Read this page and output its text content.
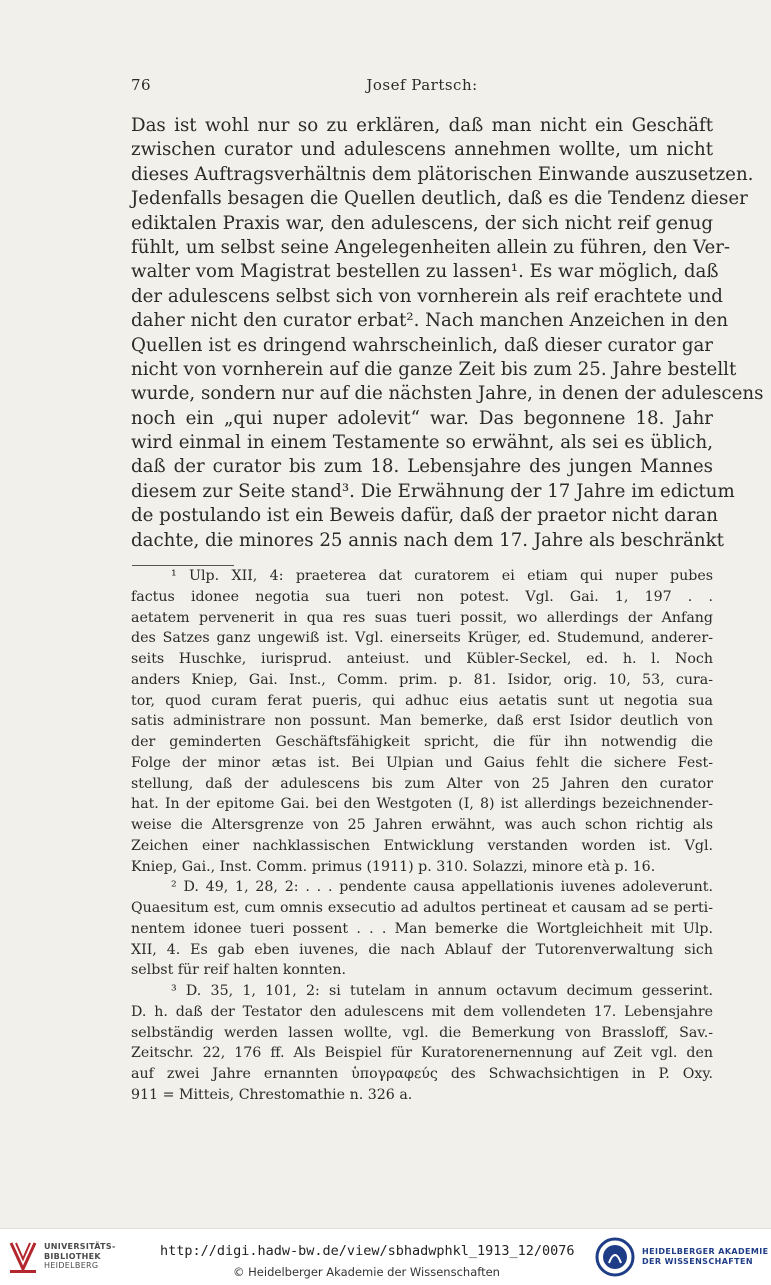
76	Josef Partsch:
Das ist wohl nur so zu erklären, daß man nicht ein Geschäft
zwischen curator und adulescens annehmen wollte, um nicht
dieses Auftragsverhältnis dem plätorischen Einwande auszusetzen.
Jedenfalls besagen die Quellen deutlich, daß es die Tendenz dieser
ediktalen Praxis war, den adulescens, der sich nicht reif genug
fühlt, um selbst seine Angelegenheiten allein zu führen, den Ver-
walter vom Magistrat bestellen zu lassen¹. Es war möglich, daß
der adulescens selbst sich von vornherein als reif erachtete und
daher nicht den curator erbat². Nach manchen Anzeichen in den
Quellen ist es dringend wahrscheinlich, daß dieser curator gar
nicht von vornherein auf die ganze Zeit bis zum 25. Jahre bestellt
wurde, sondern nur auf die nächsten Jahre, in denen der adulescens
noch ein „qui nuper adolevit“ war. Das begonnene 18. Jahr
wird einmal in einem Testamente so erwähnt, als sei es üblich,
daß der curator bis zum 18. Lebensjahre des jungen Mannes
diesem zur Seite stand³. Die Erwähnung der 17 Jahre im edictum
de postulando ist ein Beweis dafür, daß der praetor nicht daran
dachte, die minores 25 annis nach dem 17. Jahre als beschränkt
¹ Ulp. XII, 4: praeterea dat curatorem ei etiam qui nuper pubes
factus idonee negotia sua tueri non potest. Vgl. Gai. 1, 197 . .
aetatem pervenerit in qua res suas tueri possit, wo allerdings der Anfang
des Satzes ganz ungewiß ist. Vgl. einerseits Krüger, ed. Studemund, anderer-
seits Huschke, iurisprud. anteiust. und Kübler-Seckel, ed. h. l. Noch
anders Kniep, Gai. Inst., Comm. prim. p. 81. Isidor, orig. 10, 53, cura-
tor, quod curam ferat pueris, qui adhuc eius aetatis sunt ut negotia sua
satis administrare non possunt. Man bemerke, daß erst Isidor deutlich von
der geminderten Geschäftsfähigkeit spricht, die für ihn notwendig die
Folge der minor ætas ist. Bei Ulpian und Gaius fehlt die sichere Fest-
stellung, daß der adulescens bis zum Alter von 25 Jahren den curator
hat. In der epitome Gai. bei den Westgoten (I, 8) ist allerdings bezeichnender-
weise die Altersgrenze von 25 Jahren erwähnt, was auch schon richtig als
Zeichen einer nachklassischen Entwicklung verstanden worden ist. Vgl.
Kniep, Gai., Inst. Comm. primus (1911) p. 310. Solazzi, minore età p. 16.
² D. 49, 1, 28, 2: . . . pendente causa appellationis iuvenes adoleverunt.
Quaesitum est, cum omnis exsecutio ad adultos pertineat et causam ad se perti-
nentem idonee tueri possent . . . Man bemerke die Wortgleichheit mit Ulp.
XII, 4. Es gab eben iuvenes, die nach Ablauf der Tutorenverwaltung sich
selbst für reif halten konnten.
³ D. 35, 1, 101, 2: si tutelam in annum octavum decimum gesserint.
D. h. daß der Testator den adulescens mit dem vollendeten 17. Lebensjahre
selbständig werden lassen wollte, vgl. die Bemerkung von Brassloff, Sav.-
Zeitschr. 22, 176 ff. Als Beispiel für Kuratorenernennung auf Zeit vgl. den
auf zwei Jahre ernannten ὑπογραφεύς des Schwachsichtigen in P. Oxy.
911 = Mitteis, Chrestomathie n. 326 a.
UNIVERSITÄTS-
BIBLIOTHEK
HEIDELBERG
http://digi.hadw-bw.de/view/sbhadwphkl_1913_12/0076
© Heidelberger Akademie der Wissenschaften
HEIDELBERGER AKADEMIE
DER WISSENSCHAFTEN
